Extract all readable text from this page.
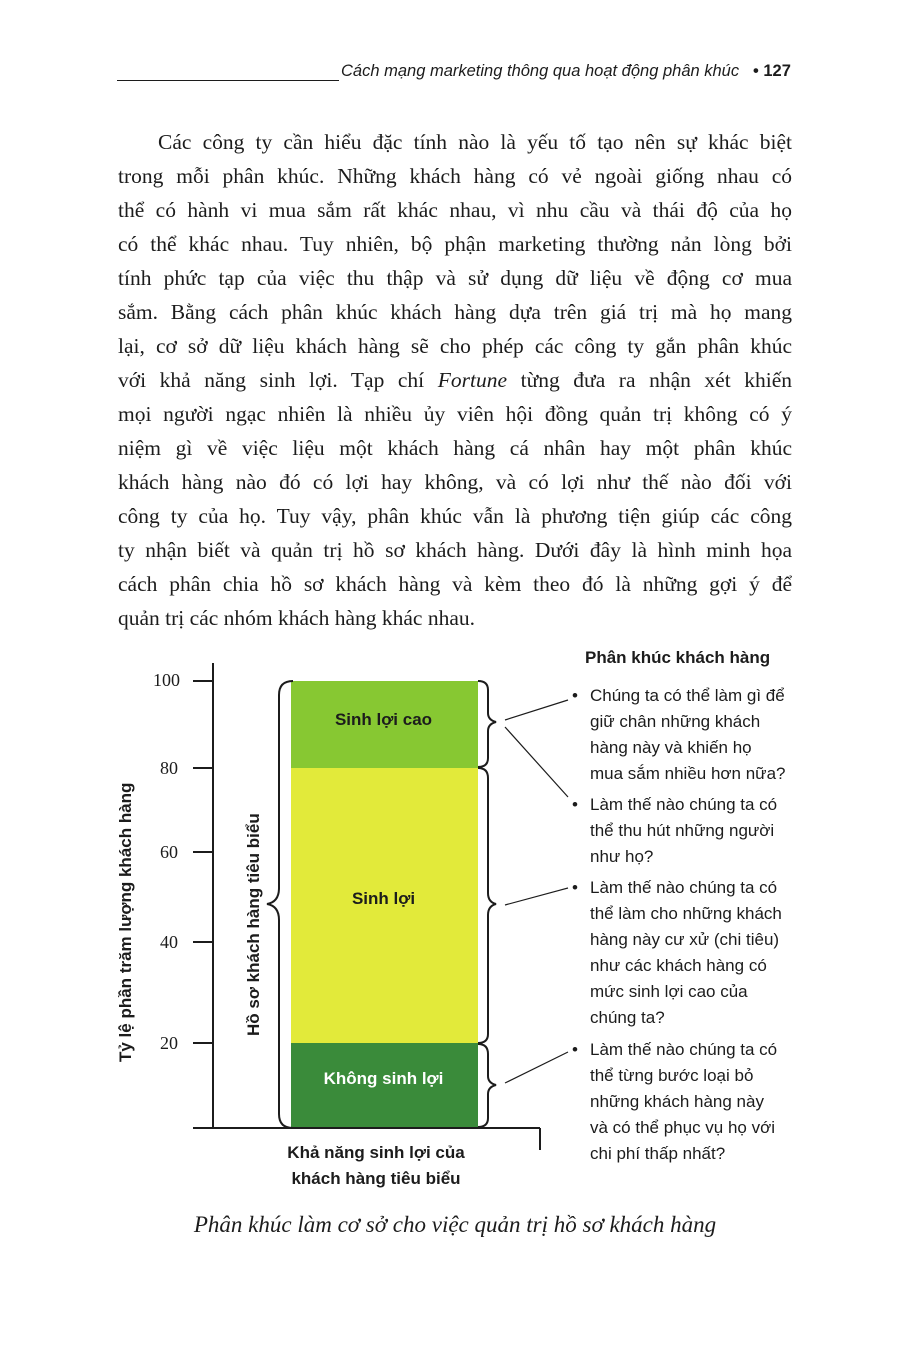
Cách mạng marketing thông qua hoạt động phân khúc • 127
Các công ty cần hiểu đặc tính nào là yếu tố tạo nên sự khác biệt
trong mỗi phân khúc. Những khách hàng có vẻ ngoài giống nhau có
thể có hành vi mua sắm rất khác nhau, vì nhu cầu và thái độ của họ
có thể khác nhau. Tuy nhiên, bộ phận marketing thường nản lòng bởi
tính phức tạp của việc thu thập và sử dụng dữ liệu về động cơ mua
sắm. Bằng cách phân khúc khách hàng dựa trên giá trị mà họ mang
lại, cơ sở dữ liệu khách hàng sẽ cho phép các công ty gắn phân khúc
với khả năng sinh lợi. Tạp chí Fortune từng đưa ra nhận xét khiến
mọi người ngạc nhiên là nhiều ủy viên hội đồng quản trị không có ý
niệm gì về việc liệu một khách hàng cá nhân hay một phân khúc
khách hàng nào đó có lợi hay không, và có lợi như thế nào đối với
công ty của họ. Tuy vậy, phân khúc vẫn là phương tiện giúp các công
ty nhận biết và quản trị hồ sơ khách hàng. Dưới đây là hình minh họa
cách phân chia hồ sơ khách hàng và kèm theo đó là những gợi ý để
quản trị các nhóm khách hàng khác nhau.
100
80
60
40
20
Sinh lợi cao
Sinh lợi
Không sinh lợi
Tỷ lệ phần trăm lượng khách hàng	Hồ sơ khách hàng tiêu biểu
Khả năng sinh lợi của khách hàng tiêu biểu
Phân khúc khách hàng
• Chúng ta có thể làm gì để
giữ chân những khách
hàng này và khiến họ
mua sắm nhiều hơn nữa?
• Làm thế nào chúng ta có
thể thu hút những người
như họ?
• Làm thế nào chúng ta có
thể làm cho những khách
hàng này cư xử (chi tiêu)
như các khách hàng có
mức sinh lợi cao của
chúng ta?
• Làm thế nào chúng ta có
thể từng bước loại bỏ
những khách hàng này
và có thể phục vụ họ với
chi phí thấp nhất?
Phân khúc làm cơ sở cho việc quản trị hồ sơ khách hàng
